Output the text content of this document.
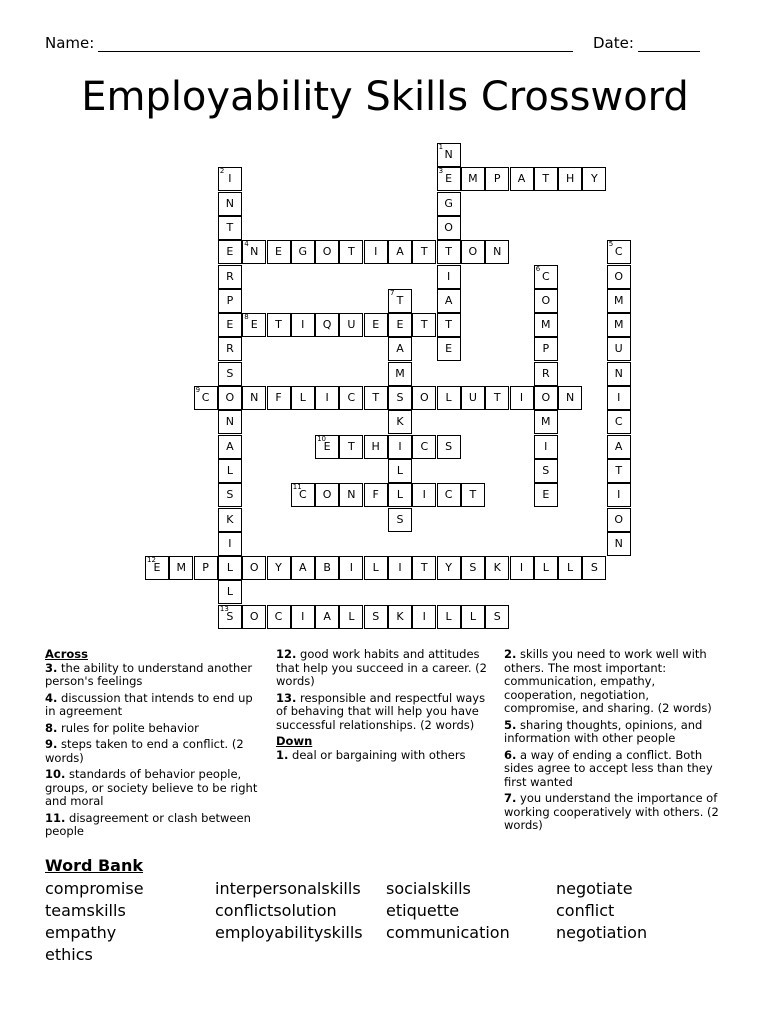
Name:	Date:
Employability Skills Crossword
1
N
3
E
G
O
T
I
A
T
E
2
I
N
T
E
R
P
E
R
S
O
N
A
L
S
K
I
L
L
13
S
M	P	A	T	H	Y
4
N	E	G	O	T	I	A	T	O	N
5
C
O
M
M
U
N
I
C
A
T
I
O
N
6
C
O
M
P
R
O
M
I
S
E
7
T
E
A
M
S
K
I
L
L
S
8
E	T	I	Q	U	E	T
9
C	N	F	L	I	C	T	O	L	U	T	I	N
10
E	T	H	C	S
11
C	O	N	F	I	C	T
12
E	M	P	O	Y	A	B	I	L	I	T	Y	S	K	I	L	L	S
O	C	I	A	L	S	K	I	L	L	S
Across
3. the ability to understand another person's feelings
4. discussion that intends to end up in agreement
8. rules for polite behavior
9. steps taken to end a conflict. (2 words)
10. standards of behavior people, groups, or society believe to be right and moral
11. disagreement or clash between people
12. good work habits and attitudes that help you succeed in a career. (2 words)
13. responsible and respectful ways of behaving that will help you have successful relationships. (2 words)
Down
1. deal or bargaining with others
2. skills you need to work well with others. The most important: communication, empathy, cooperation, negotiation, compromise, and sharing. (2 words)
5. sharing thoughts, opinions, and information with other people
6. a way of ending a conflict. Both sides agree to accept less than they first wanted
7. you understand the importance of working cooperatively with others. (2 words)
Word Bank
compromise
teamskills
empathy
ethics
interpersonalskills
conflictsolution
employabilityskills
socialskills
etiquette
communication
negotiate
conflict
negotiation
